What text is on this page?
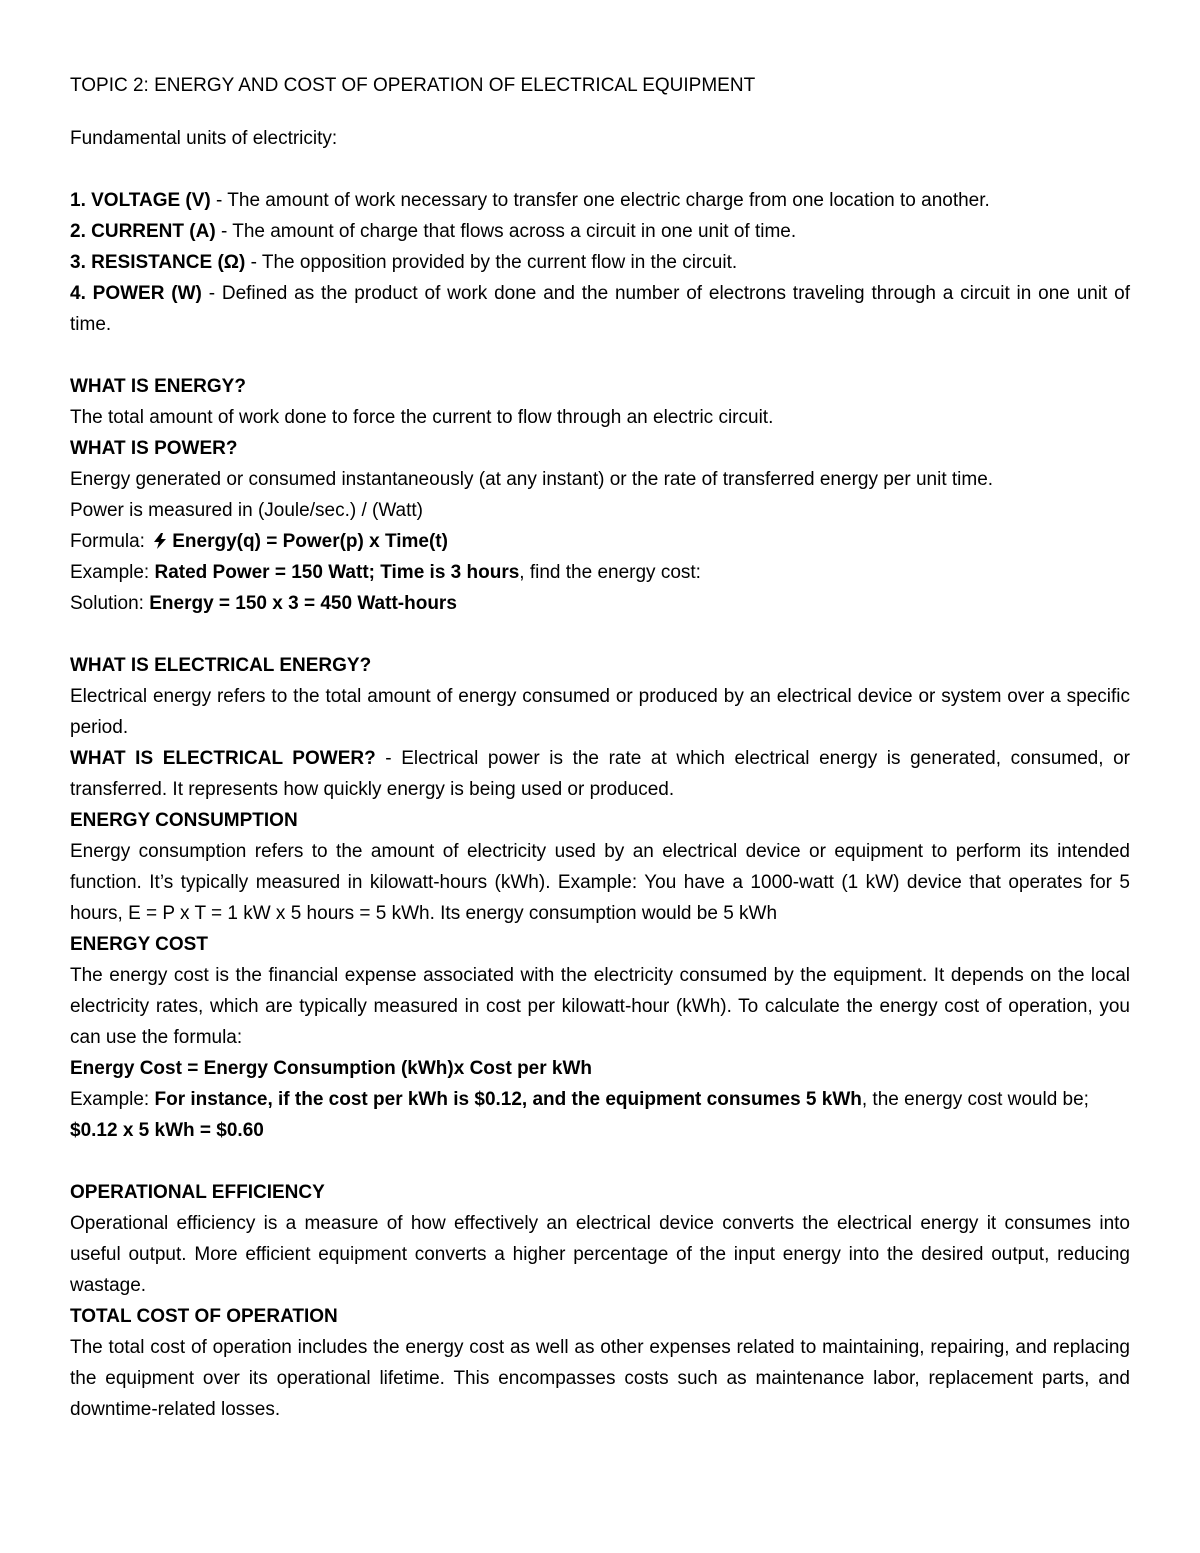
TOPIC 2: ENERGY AND COST OF OPERATION OF ELECTRICAL EQUIPMENT

Fundamental units of electricity:

1. VOLTAGE (V) - The amount of work necessary to transfer one electric charge from one location to another.

2. CURRENT (A) - The amount of charge that flows across a circuit in one unit of time.

3. RESISTANCE (Ω) - The opposition provided by the current flow in the circuit.

4. POWER (W) - Defined as the product of work done and the number of electrons traveling through a circuit in one unit of time.

WHAT IS ENERGY?

The total amount of work done to force the current to flow through an electric circuit.

WHAT IS POWER?

Energy generated or consumed instantaneously (at any instant) or the rate of transferred energy per unit time.

Power is measured in (Joule/sec.) / (Watt)

Formula: Energy(q) = Power(p) x Time(t)

Example: Rated Power = 150 Watt; Time is 3 hours, find the energy cost:

Solution: Energy = 150 x 3 = 450 Watt-hours

WHAT IS ELECTRICAL ENERGY?

Electrical energy refers to the total amount of energy consumed or produced by an electrical device or system over a specific period.

WHAT IS ELECTRICAL POWER? - Electrical power is the rate at which electrical energy is generated, consumed, or transferred. It represents how quickly energy is being used or produced.

ENERGY CONSUMPTION

Energy consumption refers to the amount of electricity used by an electrical device or equipment to perform its intended function. It’s typically measured in kilowatt-hours (kWh). Example: You have a 1000-watt (1 kW) device that operates for 5 hours, E = P x T = 1 kW x 5 hours = 5 kWh. Its energy consumption would be 5 kWh

ENERGY COST

The energy cost is the financial expense associated with the electricity consumed by the equipment. It depends on the local electricity rates, which are typically measured in cost per kilowatt-hour (kWh). To calculate the energy cost of operation, you can use the formula:

Energy Cost = Energy Consumption (kWh)x Cost per kWh

Example: For instance, if the cost per kWh is $0.12, and the equipment consumes 5 kWh, the energy cost would be;

$0.12 x 5 kWh = $0.60

OPERATIONAL EFFICIENCY

Operational efficiency is a measure of how effectively an electrical device converts the electrical energy it consumes into useful output. More efficient equipment converts a higher percentage of the input energy into the desired output, reducing wastage.

TOTAL COST OF OPERATION

The total cost of operation includes the energy cost as well as other expenses related to maintaining, repairing, and replacing the equipment over its operational lifetime. This encompasses costs such as maintenance labor, replacement parts, and downtime-related losses.
